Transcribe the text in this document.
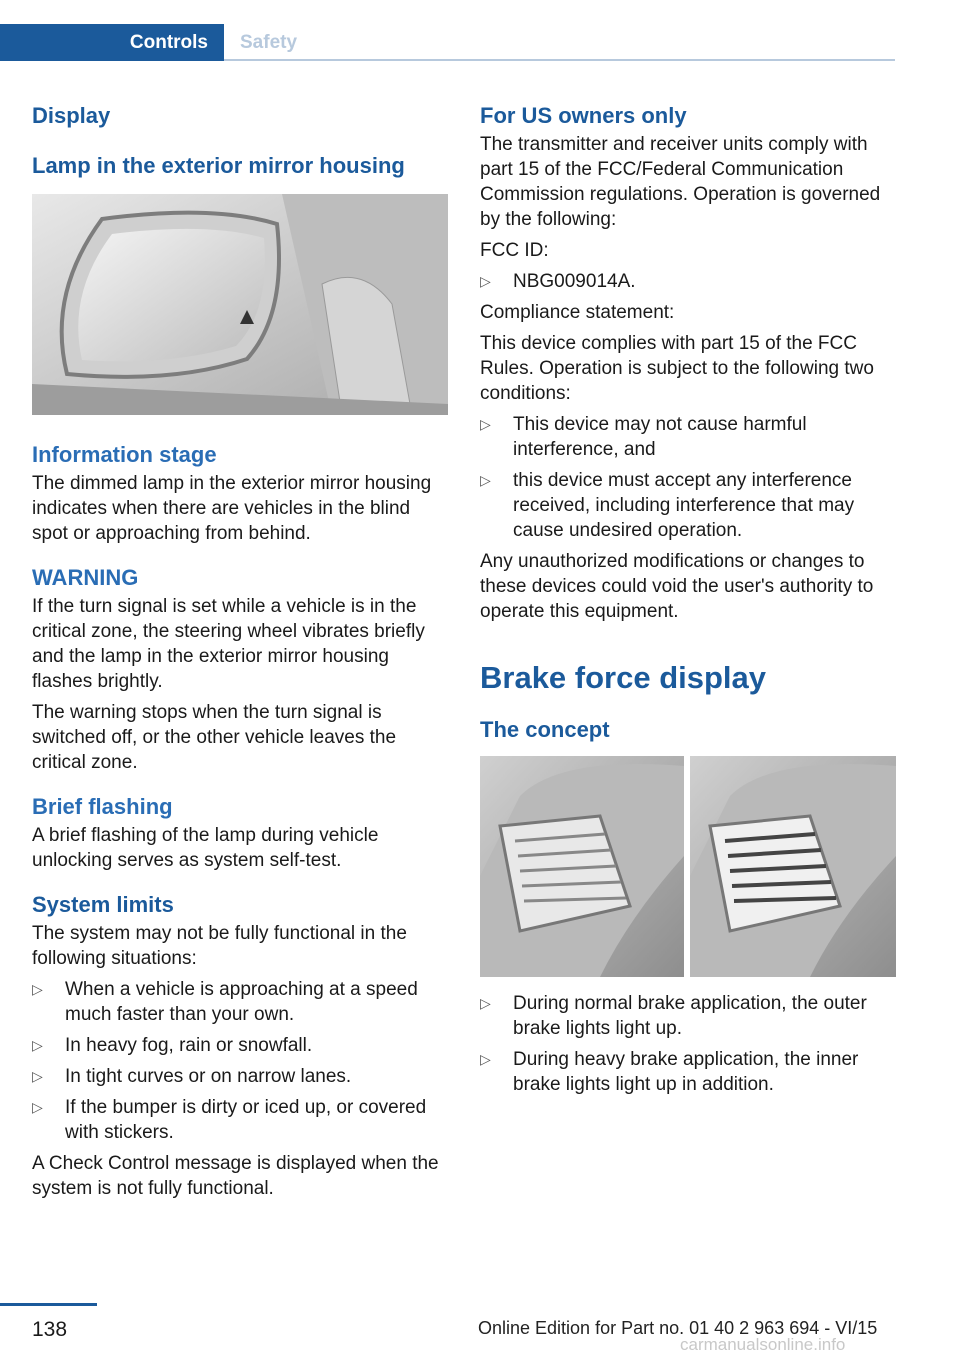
Controls	Safety
Display
Lamp in the exterior mirror housing
Information stage

The dimmed lamp in the exterior mirror housing indicates when there are vehicles in the blind spot or approaching from behind.

WARNING

If the turn signal is set while a vehicle is in the critical zone, the steering wheel vibrates briefly and the lamp in the exterior mirror housing flashes brightly.

The warning stops when the turn signal is switched off, or the other vehicle leaves the critical zone.

Brief flashing

A brief flashing of the lamp during vehicle unlocking serves as system self-test.

System limits

The system may not be fully functional in the following situations:

▷ When a vehicle is approaching at a speed much faster than your own.
▷ In heavy fog, rain or snowfall.
▷ In tight curves or on narrow lanes.
▷ If the bumper is dirty or iced up, or covered with stickers.

A Check Control message is displayed when the system is not fully functional.

For US owners only

The transmitter and receiver units comply with part 15 of the FCC/Federal Communication Commission regulations. Operation is governed by the following:

FCC ID:

▷ NBG009014A.

Compliance statement:

This device complies with part 15 of the FCC Rules. Operation is subject to the following two conditions:

▷ This device may not cause harmful interference, and
▷ this device must accept any interference received, including interference that may cause undesired operation.

Any unauthorized modifications or changes to these devices could void the user's authority to operate this equipment.

Brake force display
The concept
▷ During normal brake application, the outer brake lights light up.
▷ During heavy brake application, the inner brake lights light up in addition.
138	Online Edition for Part no. 01 40 2 963 694 - VI/15
carmanualsonline.info
